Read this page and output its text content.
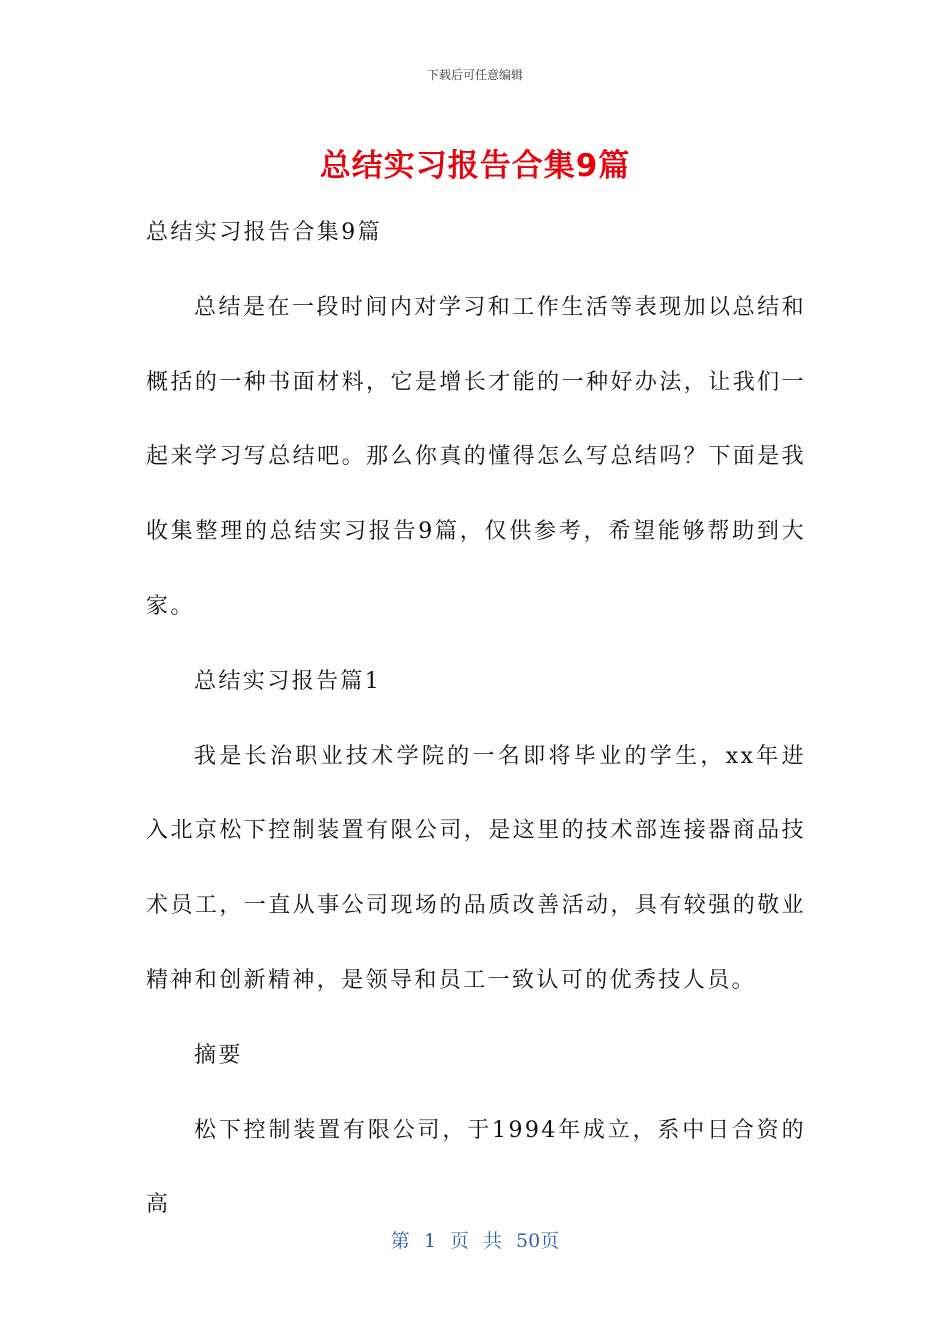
下载后可任意编辑
总结实习报告合集9篇

总结实习报告合集9篇

总结是在一段时间内对学习和工作生活等表现加以总结和概括的一种书面材料，它是增长才能的一种好办法，让我们一起来学习写总结吧。那么你真的懂得怎么写总结吗？下面是我收集整理的总结实习报告9篇，仅供参考，希望能够帮助到大家。

总结实习报告篇1

我是长治职业技术学院的一名即将毕业的学生，xx年进入北京松下控制装置有限公司，是这里的技术部连接器商品技术员工，一直从事公司现场的品质改善活动，具有较强的敬业精神和创新精神，是领导和员工一致认可的优秀技人员。

摘要

松下控制装置有限公司，于1994年成立，系中日合资的高

第 1 页 共 50页
